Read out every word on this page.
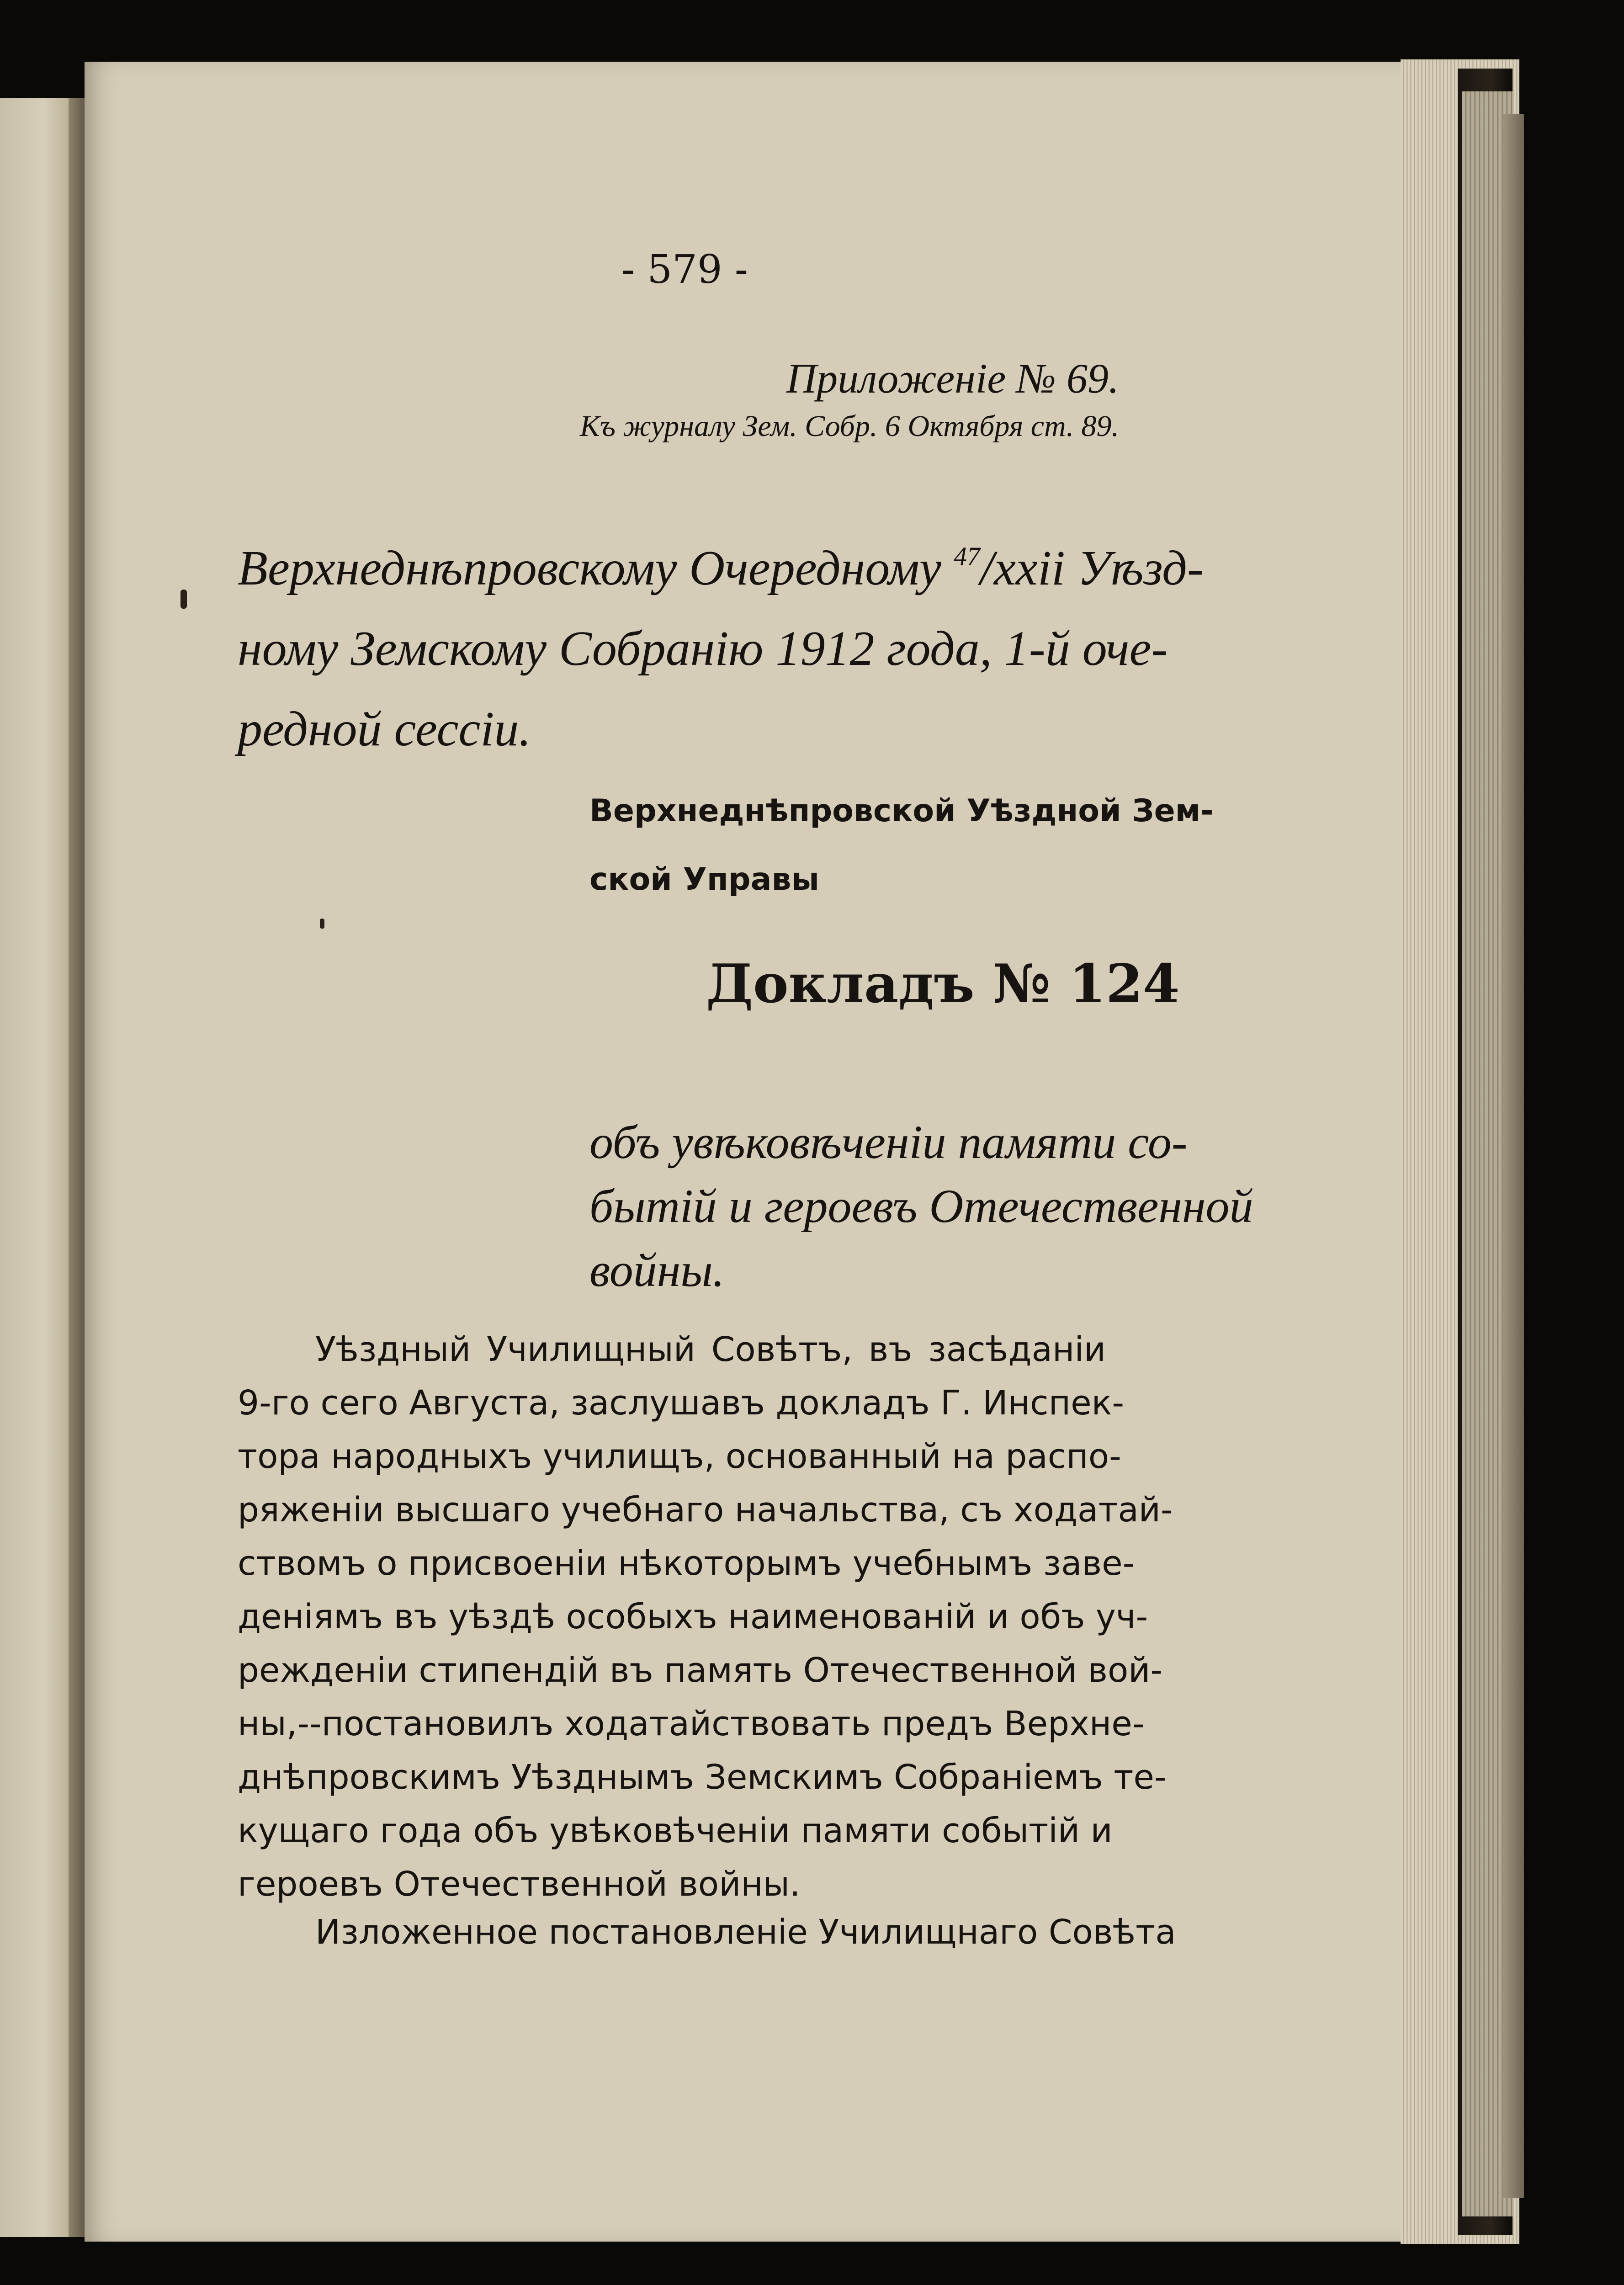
- 579 -
Приложенiе № 69.
Къ журналу Зем. Собр. 6 Октября ст. 89.
Верхнеднѣпровскому Очередному $^{47}$/xxii Уѣзд-
ному Земскому Собранiю 1912 года, 1-й оче-
редной сессiи.
Верхнеднѣпровской Уѣздной Зем-
ской Управы
Докладъ № 124
объ увѣковѣченiи памяти со-
бытiй и героевъ Отечественной
войны.
Уѣздный Училищный Совѣтъ, въ засѣданiи
9-го сего Августа, заслушавъ докладъ Г. Инспек-
тора народныхъ училищъ, основанный на распо-
ряженiи высшаго учебнаго начальства, съ ходатай-
ствомъ о присвоенiи нѣкоторымъ учебнымъ заве-
денiямъ въ уѣздѣ особыхъ наименованiй и объ уч-
режденiи стипендiй въ память Отечественной вой-
ны,--постановилъ ходатайствовать предъ Верхне-
днѣпровскимъ Уѣзднымъ Земскимъ Собранiемъ те-
кущаго года объ увѣковѣченiи памяти событiй и
героевъ Отечественной войны.
Изложенное постановленiе Училищнаго Совѣта
